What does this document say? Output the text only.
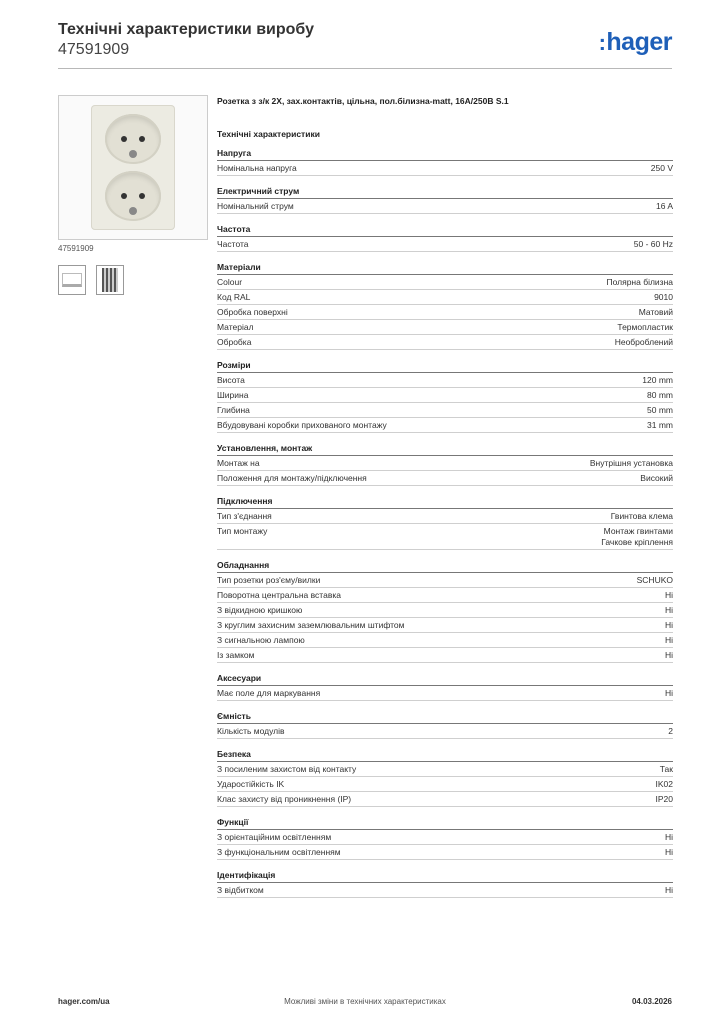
Технічні характеристики виробу
47591909	:hager
47591909
Розетка з з/к 2X, зах.контактів, цільна, пол.білизна-matt, 16A/250B S.1
Технічні характеристики
Напруга
Номінальна напруга	250 V
Електричний струм
Номінальний струм	16 A
Частота
Частота	50 - 60 Hz
Матеріали
Colour	Полярна білизна
Код RAL	9010
Обробка поверхні	Матовий
Матеріал	Термопластик
Обробка	Необроблений
Розміри
Висота	120 mm
Ширина	80 mm
Глибина	50 mm
Вбудовувані коробки прихованого монтажу	31 mm
Установлення, монтаж
Монтаж на	Внутрішня установка
Положення для монтажу/підключення	Високий
Підключення
Тип з'єднання	Гвинтова клема
Тип монтажу	Монтаж гвинтами
Гачкове кріплення
Обладнання
Тип розетки роз'єму/вилки	SCHUKO
Поворотна центральна вставка	Ні
З відкидною кришкою	Ні
З круглим захисним заземлювальним штифтом	Ні
З сигнальною лампою	Ні
Із замком	Ні
Аксесуари
Має поле для маркування	Ні
Ємність
Кількість модулів	2
Безпека
З посиленим захистом від контакту	Так
Ударостійкість IK	IK02
Клас захисту від проникнення (IP)	IP20
Функції
З орієнтаційним освітленням	Ні
З функціональним освітленням	Ні
Ідентифікація
З відбитком	Ні
hager.com/ua	Можливі зміни в технічних характеристиках	04.03.2026
